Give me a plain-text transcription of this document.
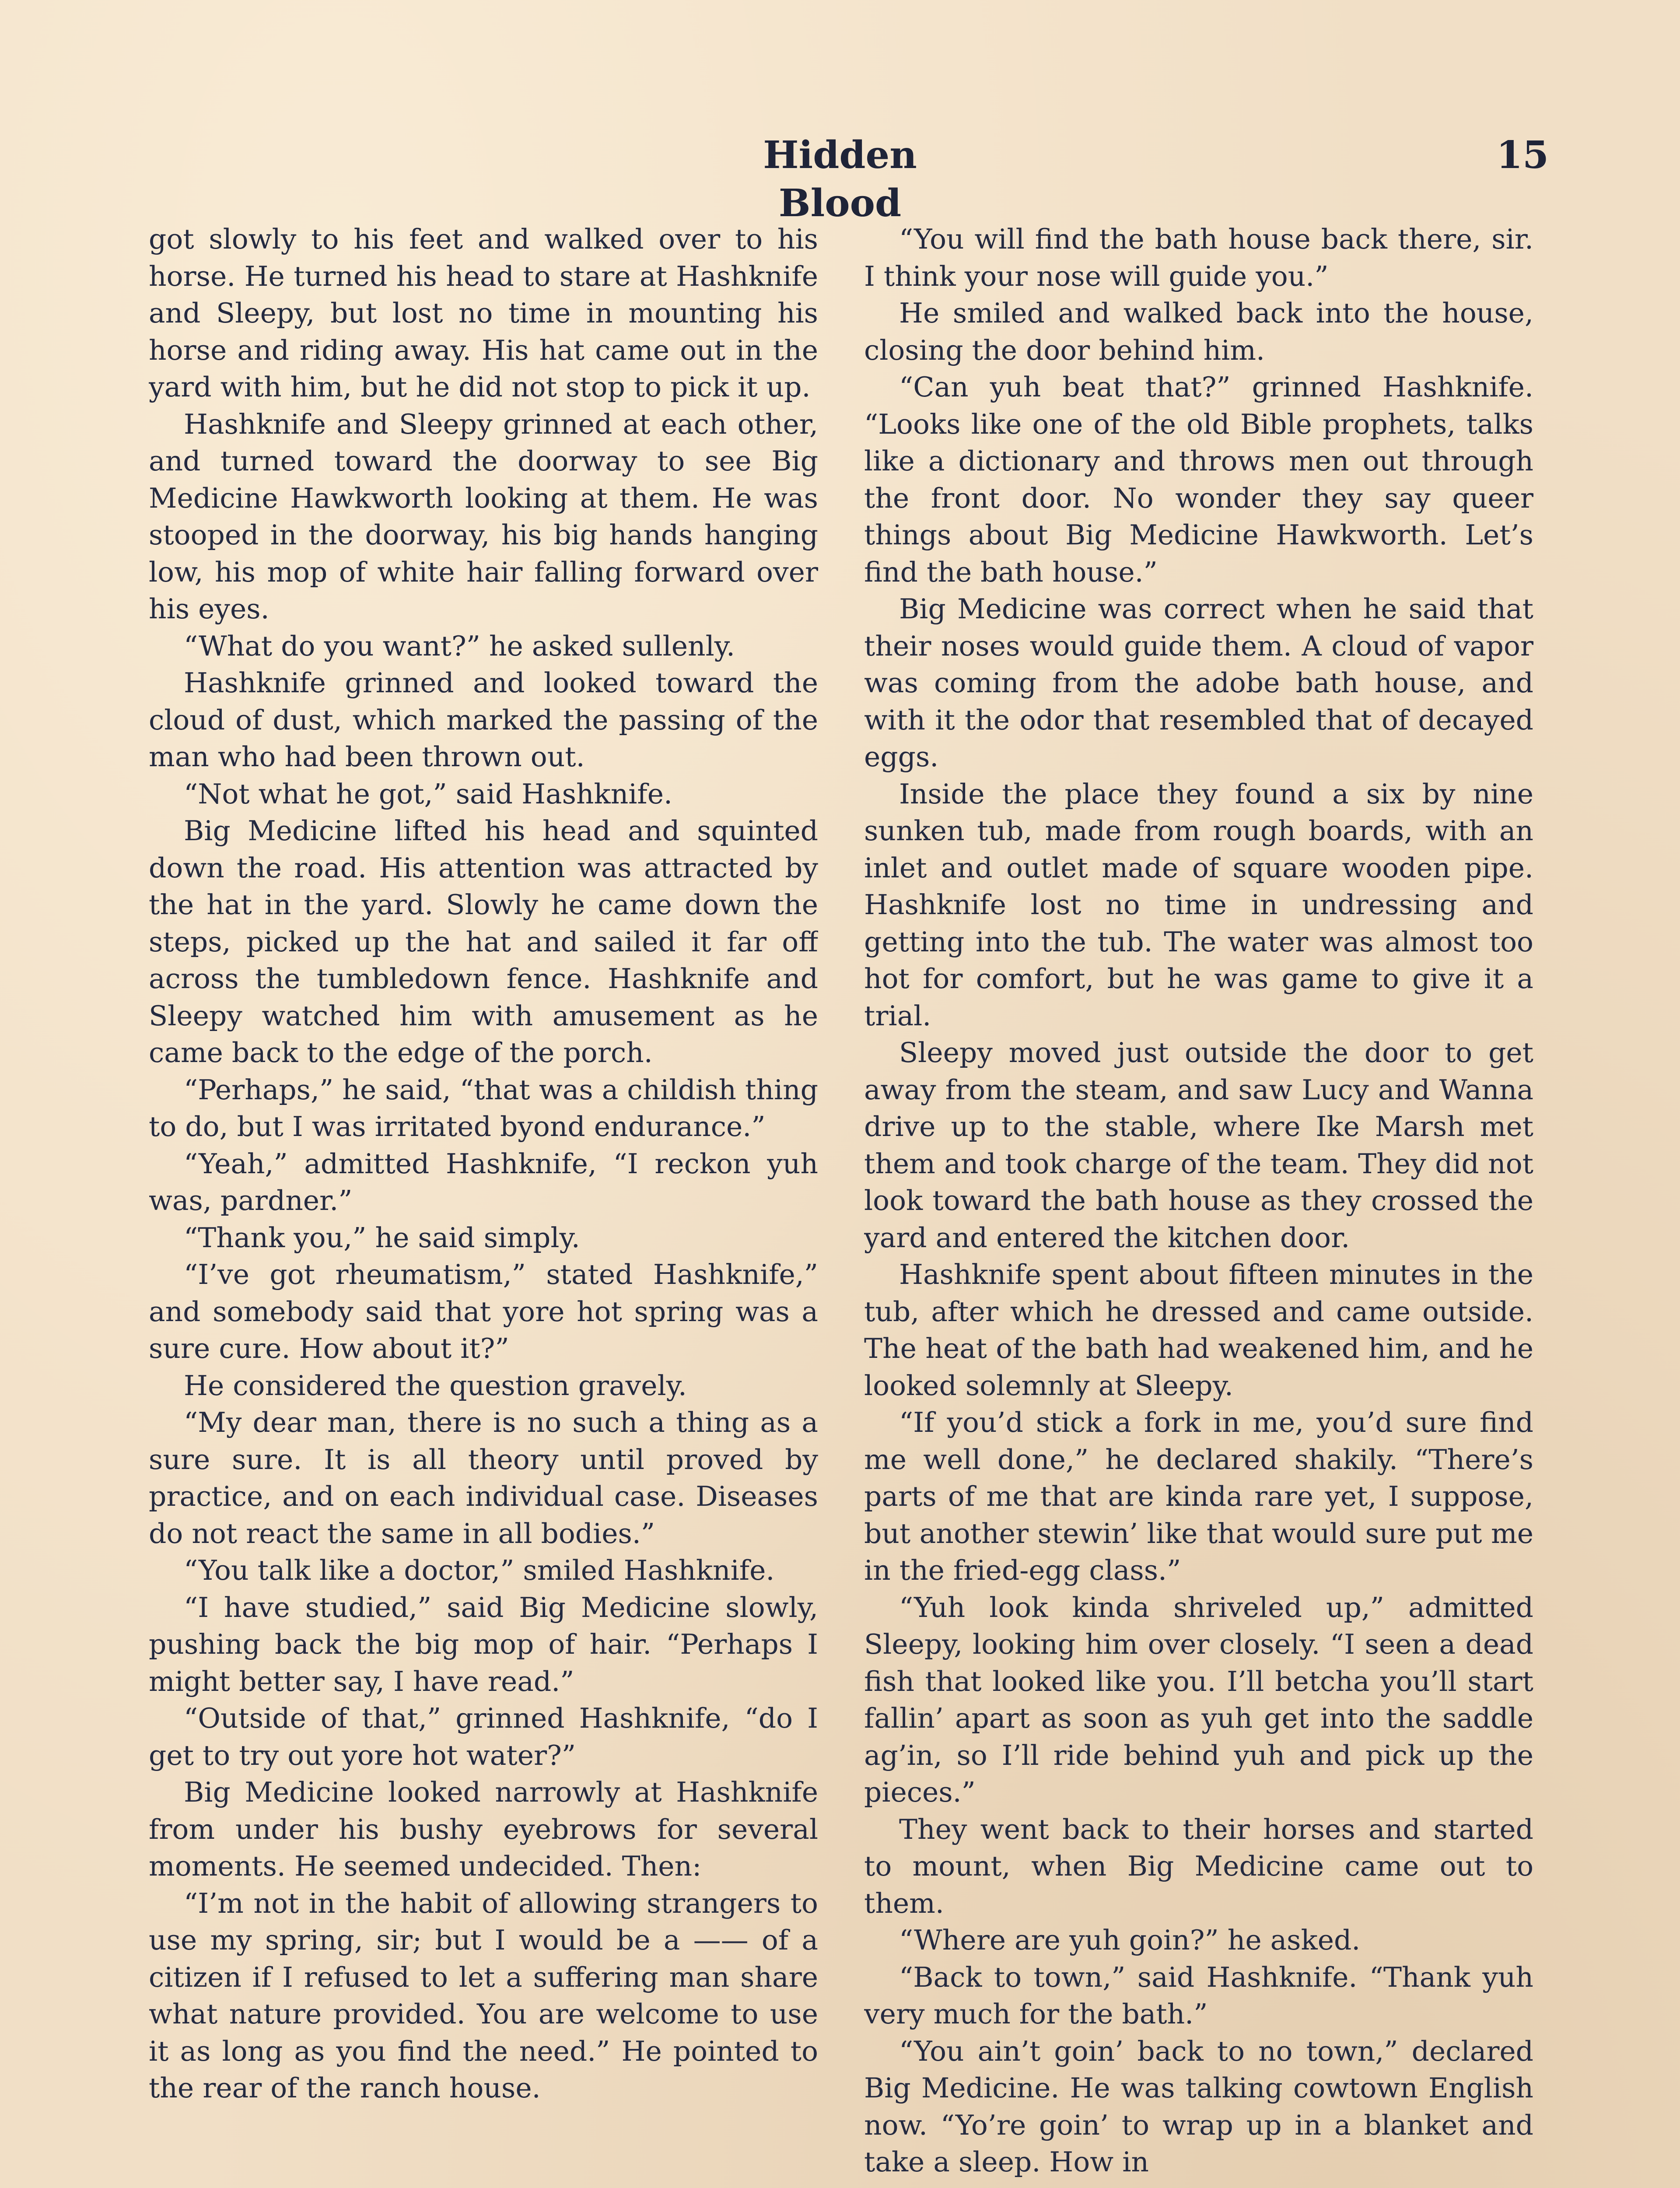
Hidden Blood
15

got slowly to his feet and walked over to his horse. He turned his head to stare at Hashknife and Sleepy, but lost no time in mounting his horse and riding away. His hat came out in the yard with him, but he did not stop to pick it up.

Hashknife and Sleepy grinned at each other, and turned toward the doorway to see Big Medicine Hawkworth looking at them. He was stooped in the doorway, his big hands hanging low, his mop of white hair falling forward over his eyes.

“What do you want?” he asked sullenly.

Hashknife grinned and looked toward the cloud of dust, which marked the passing of the man who had been thrown out.

“Not what he got,” said Hashknife.

Big Medicine lifted his head and squinted down the road. His attention was attracted by the hat in the yard. Slowly he came down the steps, picked up the hat and sailed it far off across the tumbledown fence. Hashknife and Sleepy watched him with amusement as he came back to the edge of the porch.

“Perhaps,” he said, “that was a childish thing to do, but I was irritated byond endurance.”

“Yeah,” admitted Hashknife, “I reckon yuh was, pardner.”

“Thank you,” he said simply.

“I’ve got rheumatism,” stated Hashknife,” and somebody said that yore hot spring was a sure cure. How about it?”

He considered the question gravely.

“My dear man, there is no such a thing as a sure sure. It is all theory until proved by practice, and on each individual case. Diseases do not react the same in all bodies.”

“You talk like a doctor,” smiled Hashknife.

“I have studied,” said Big Medicine slowly, pushing back the big mop of hair. “Perhaps I might better say, I have read.”

“Outside of that,” grinned Hashknife, “do I get to try out yore hot water?”

Big Medicine looked narrowly at Hashknife from under his bushy eyebrows for several moments. He seemed undecided. Then:

“I’m not in the habit of allowing strangers to use my spring, sir; but I would be a —— of a citizen if I refused to let a suffering man share what nature provided. You are welcome to use it as long as you find the need.” He pointed to the rear of the ranch house.

“You will find the bath house back there, sir. I think your nose will guide you.”

He smiled and walked back into the house, closing the door behind him.

“Can yuh beat that?” grinned Hashknife. “Looks like one of the old Bible prophets, talks like a dictionary and throws men out through the front door. No wonder they say queer things about Big Medicine Hawkworth. Let’s find the bath house.”

Big Medicine was correct when he said that their noses would guide them. A cloud of vapor was coming from the adobe bath house, and with it the odor that resembled that of decayed eggs.

Inside the place they found a six by nine sunken tub, made from rough boards, with an inlet and outlet made of square wooden pipe. Hashknife lost no time in undressing and getting into the tub. The water was almost too hot for comfort, but he was game to give it a trial.

Sleepy moved just outside the door to get away from the steam, and saw Lucy and Wanna drive up to the stable, where Ike Marsh met them and took charge of the team. They did not look toward the bath house as they crossed the yard and entered the kitchen door.

Hashknife spent about fifteen minutes in the tub, after which he dressed and came outside. The heat of the bath had weakened him, and he looked solemnly at Sleepy.

“If you’d stick a fork in me, you’d sure find me well done,” he declared shakily. “There’s parts of me that are kinda rare yet, I suppose, but another stewin’ like that would sure put me in the fried-egg class.”

“Yuh look kinda shriveled up,” admitted Sleepy, looking him over closely. “I seen a dead fish that looked like you. I’ll betcha you’ll start fallin’ apart as soon as yuh get into the saddle ag’in, so I’ll ride behind yuh and pick up the pieces.”

They went back to their horses and started to mount, when Big Medicine came out to them.

“Where are yuh goin?” he asked.

“Back to town,” said Hashknife. “Thank yuh very much for the bath.”

“You ain’t goin’ back to no town,” declared Big Medicine. He was talking cowtown English now. “Yo’re goin’ to wrap up in a blanket and take a sleep. How in
